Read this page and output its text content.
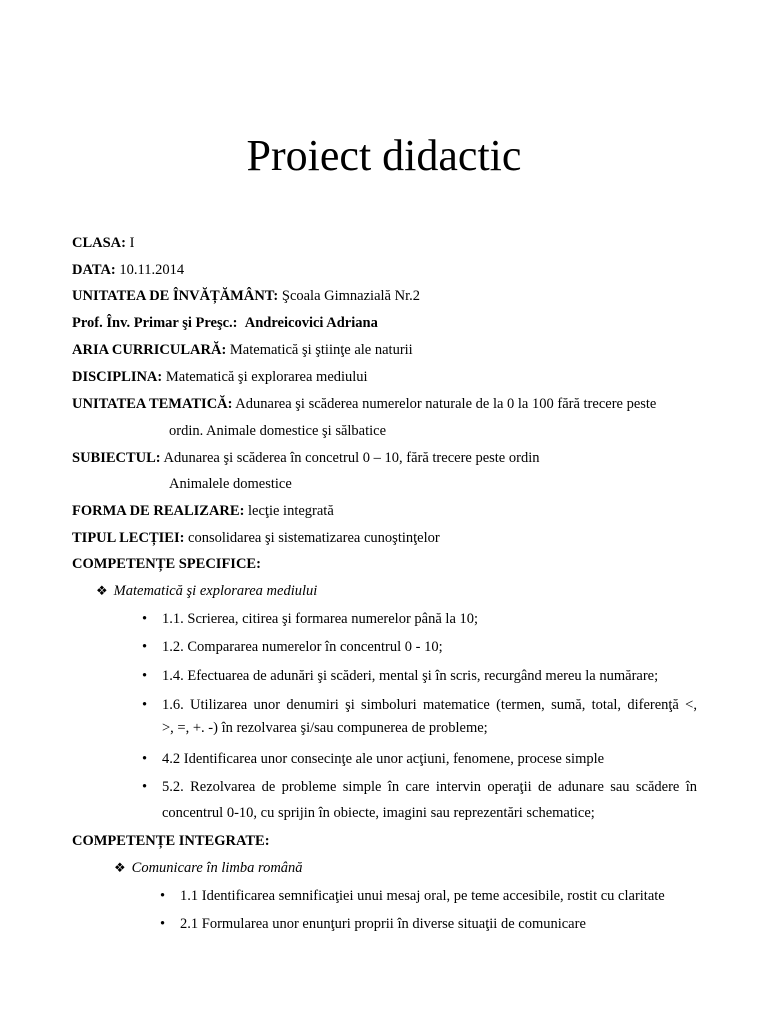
Proiect didactic
CLASA: I
DATA: 10.11.2014
UNITATEA DE ÎNVĂȚĂMÂNT: Şcoala Gimnazială Nr.2
Prof. Înv. Primar şi Preşc.: Andreicovici Adriana
ARIA CURRICULARĂ: Matematică şi ştiinţe ale naturii
DISCIPLINA: Matematică şi explorarea mediului
UNITATEA TEMATICĂ: Adunarea şi scăderea numerelor naturale de la 0 la 100 fără trecere peste
ordin. Animale domestice şi sălbatice
SUBIECTUL: Adunarea şi scăderea în concetrul 0 – 10, fără trecere peste ordin
Animalele domestice
FORMA DE REALIZARE: lecţie integrată
TIPUL LECȚIEI: consolidarea şi sistematizarea cunoştinţelor
COMPETENȚE SPECIFICE:
❖ Matematică şi explorarea mediului
• 1.1. Scrierea, citirea şi formarea numerelor până la 10;
• 1.2. Compararea numerelor în concentrul 0 - 10;
• 1.4. Efectuarea de adunări şi scăderi, mental şi în scris, recurgând mereu la numărare;
• 1.6. Utilizarea unor denumiri şi simboluri matematice (termen, sumă, total, diferenţă <,
>, =, +. -) în rezolvarea şi/sau compunerea de probleme;
• 4.2 Identificarea unor consecinţe ale unor acţiuni, fenomene, procese simple
• 5.2. Rezolvarea de probleme simple în care intervin operaţii de adunare sau scădere în
concentrul 0-10, cu sprijin în obiecte, imagini sau reprezentări schematice;
COMPETENȚE INTEGRATE:
❖ Comunicare în limba română
• 1.1 Identificarea semnificaţiei unui mesaj oral, pe teme accesibile, rostit cu claritate
• 2.1 Formularea unor enunţuri proprii în diverse situaţii de comunicare
